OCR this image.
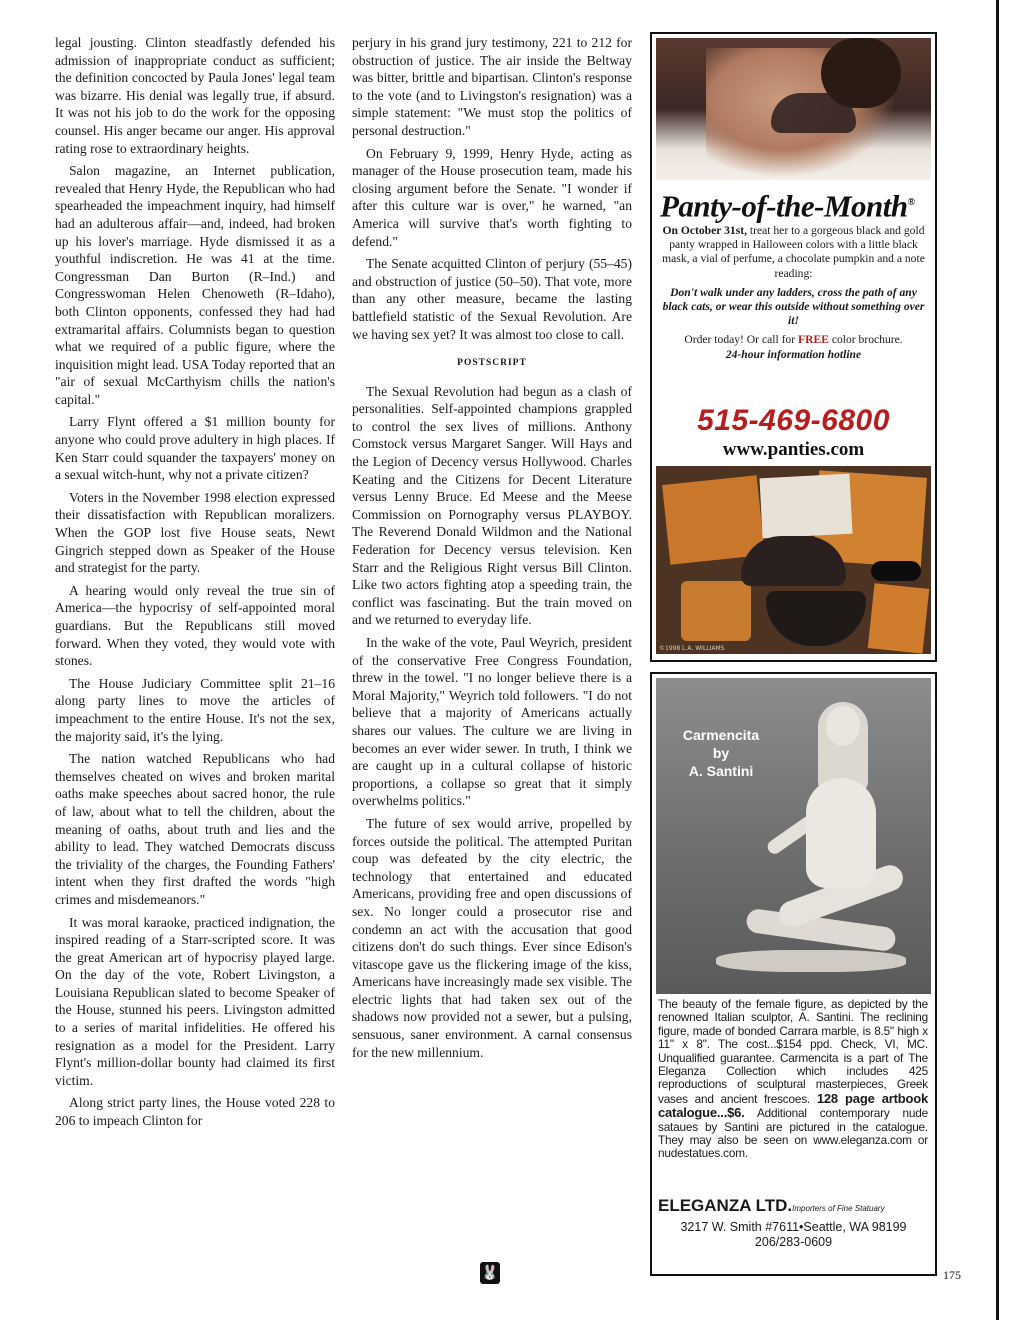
legal jousting. Clinton steadfastly defended his admission of inappropriate conduct as sufficient; the definition concocted by Paula Jones' legal team was bizarre. His denial was legally true, if absurd. It was not his job to do the work for the opposing counsel. His anger became our anger. His approval rating rose to extraordinary heights.

Salon magazine, an Internet publication, revealed that Henry Hyde, the Republican who had spearheaded the impeachment inquiry, had himself had an adulterous affair—and, indeed, had broken up his lover's marriage. Hyde dismissed it as a youthful indiscretion. He was 41 at the time. Congressman Dan Burton (R–Ind.) and Congresswoman Helen Chenoweth (R–Idaho), both Clinton opponents, confessed they had had extramarital affairs. Columnists began to question what we required of a public figure, where the inquisition might lead. USA Today reported that an "air of sexual McCarthyism chills the nation's capital."

Larry Flynt offered a $1 million bounty for anyone who could prove adultery in high places. If Ken Starr could squander the taxpayers' money on a sexual witch-hunt, why not a private citizen?

Voters in the November 1998 election expressed their dissatisfaction with Republican moralizers. When the GOP lost five House seats, Newt Gingrich stepped down as Speaker of the House and strategist for the party.

A hearing would only reveal the true sin of America—the hypocrisy of self-appointed moral guardians. But the Republicans still moved forward. When they voted, they would vote with stones.

The House Judiciary Committee split 21–16 along party lines to move the articles of impeachment to the entire House. It's not the sex, the majority said, it's the lying.

The nation watched Republicans who had themselves cheated on wives and broken marital oaths make speeches about sacred honor, the rule of law, about what to tell the children, about the meaning of oaths, about truth and lies and the ability to lead. They watched Democrats discuss the triviality of the charges, the Founding Fathers' intent when they first drafted the words "high crimes and misdemeanors."

It was moral karaoke, practiced indignation, the inspired reading of a Starr-scripted score. It was the great American art of hypocrisy played large. On the day of the vote, Robert Livingston, a Louisiana Republican slated to become Speaker of the House, stunned his peers. Livingston admitted to a series of marital infidelities. He offered his resignation as a model for the President. Larry Flynt's million-dollar bounty had claimed its first victim.

Along strict party lines, the House voted 228 to 206 to impeach Clinton for

perjury in his grand jury testimony, 221 to 212 for obstruction of justice. The air inside the Beltway was bitter, brittle and bipartisan. Clinton's response to the vote (and to Livingston's resignation) was a simple statement: "We must stop the politics of personal destruction."

On February 9, 1999, Henry Hyde, acting as manager of the House prosecution team, made his closing argument before the Senate. "I wonder if after this culture war is over," he warned, "an America will survive that's worth fighting to defend."

The Senate acquitted Clinton of perjury (55–45) and obstruction of justice (50–50). That vote, more than any other measure, became the lasting battlefield statistic of the Sexual Revolution. Are we having sex yet? It was almost too close to call.

POSTSCRIPT

The Sexual Revolution had begun as a clash of personalities. Self-appointed champions grappled to control the sex lives of millions. Anthony Comstock versus Margaret Sanger. Will Hays and the Legion of Decency versus Hollywood. Charles Keating and the Citizens for Decent Literature versus Lenny Bruce. Ed Meese and the Meese Commission on Pornography versus PLAYBOY. The Reverend Donald Wildmon and the National Federation for Decency versus television. Ken Starr and the Religious Right versus Bill Clinton. Like two actors fighting atop a speeding train, the conflict was fascinating. But the train moved on and we returned to everyday life.

In the wake of the vote, Paul Weyrich, president of the conservative Free Congress Foundation, threw in the towel. "I no longer believe there is a Moral Majority," Weyrich told followers. "I do not believe that a majority of Americans actually shares our values. The culture we are living in becomes an ever wider sewer. In truth, I think we are caught up in a cultural collapse of historic proportions, a collapse so great that it simply overwhelms politics."

The future of sex would arrive, propelled by forces outside the political. The attempted Puritan coup was defeated by the city electric, the technology that entertained and educated Americans, providing free and open discussions of sex. No longer could a prosecutor rise and condemn an act with the accusation that good citizens don't do such things. Ever since Edison's vitascope gave us the flickering image of the kiss, Americans have increasingly made sex visible. The electric lights that had taken sex out of the shadows now provided not a sewer, but a pulsing, sensuous, saner environment. A carnal consensus for the new millennium.

🐰	175
Panty-of-the-Month®

On October 31st, treat her to a gorgeous black and gold panty wrapped in Halloween colors with a little black mask, a vial of perfume, a chocolate pumpkin and a note reading:

Don't walk under any ladders, cross the path of any black cats, or wear this outside without something over it!

Order today! Or call for FREE color brochure.
24-hour information hotline

515-469-6800
www.panties.com
©1998 L.A. WILLIAMS
Carmencita
by
A. Santini
The beauty of the female figure, as depicted by the renowned Italian sculptor, A. Santini. The reclining figure, made of bonded Carrara marble, is 8.5" high x 11" x 8". The cost...$154 ppd. Check, VI, MC. Unqualified guarantee. Carmencita is a part of The Eleganza Collection which includes 425 reproductions of sculptural masterpieces, Greek vases and ancient frescoes. 128 page artbook catalogue...$6. Additional contemporary nude sataues by Santini are pictured in the catalogue. They may also be seen on www.eleganza.com or nudestatues.com.
ELEGANZA LTD.Importers of Fine Statuary
3217 W. Smith #7611•Seattle, WA 98199
206/283-0609
